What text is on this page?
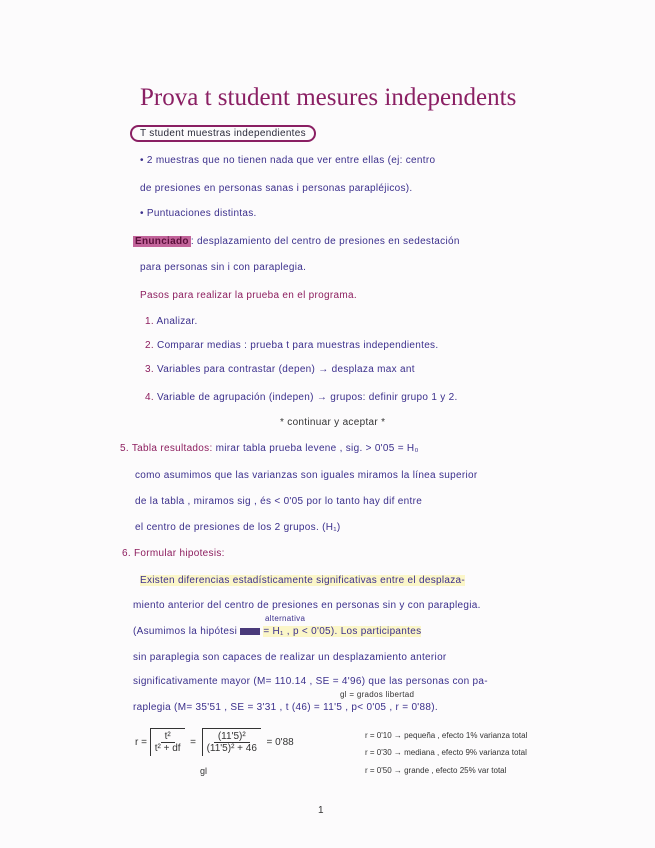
Prova t student mesures independents
T student muestras independientes
• 2 muestras que no tienen nada que ver entre ellas (ej: centro
de presiones en personas sanas i personas parapléjicos).
• Puntuaciones distintas.
Enunciado : desplazamiento del centro de presiones en sedestación
para personas sin i con paraplegia.
Pasos para realizar la prueba en el programa.
1. Analizar.
2. Comparar medias : prueba t para muestras independientes.
3. Variables para contrastar (depen) → desplaza max ant
4. Variable de agrupación (indepen) → grupos: definir grupo 1 y 2.
* continuar y aceptar *
5. Tabla resultados: mirar tabla prueba levene , sig. > 0'05 = H₀
como asumimos que las varianzas son iguales miramos la línea superior
de la tabla , miramos sig , és < 0'05 por lo tanto hay dif entre
el centro de presiones de los 2 grupos. (H₁)
6. Formular hipotesis:
Existen diferencias estadísticamente significativas entre el desplaza-
miento anterior del centro de presiones en personas sin y con paraplegia.
alternativa
(Asumimos la hipótesi	= H₁ , p < 0'05). Los participantes
sin paraplegia son capaces de realizar un desplazamiento anterior
significativamente mayor (M= 110.14 , SE = 4'96) que las personas con pa-
gl = grados libertad
raplegia (M= 35'51 , SE = 3'31 , t (46) = 11'5 , p< 0'05 , r = 0'88).
$r = \frac{\text{t²}}{\text{t² + df}} = \frac{\text{(11'5)²}}{\text{(11'5)² + 46}} = 0'88$
gl
r = 0'10 → pequeña , efecto 1% varianza total
r = 0'30 → mediana , efecto 9% varianza total
r = 0'50 → grande , efecto 25% var total
1
